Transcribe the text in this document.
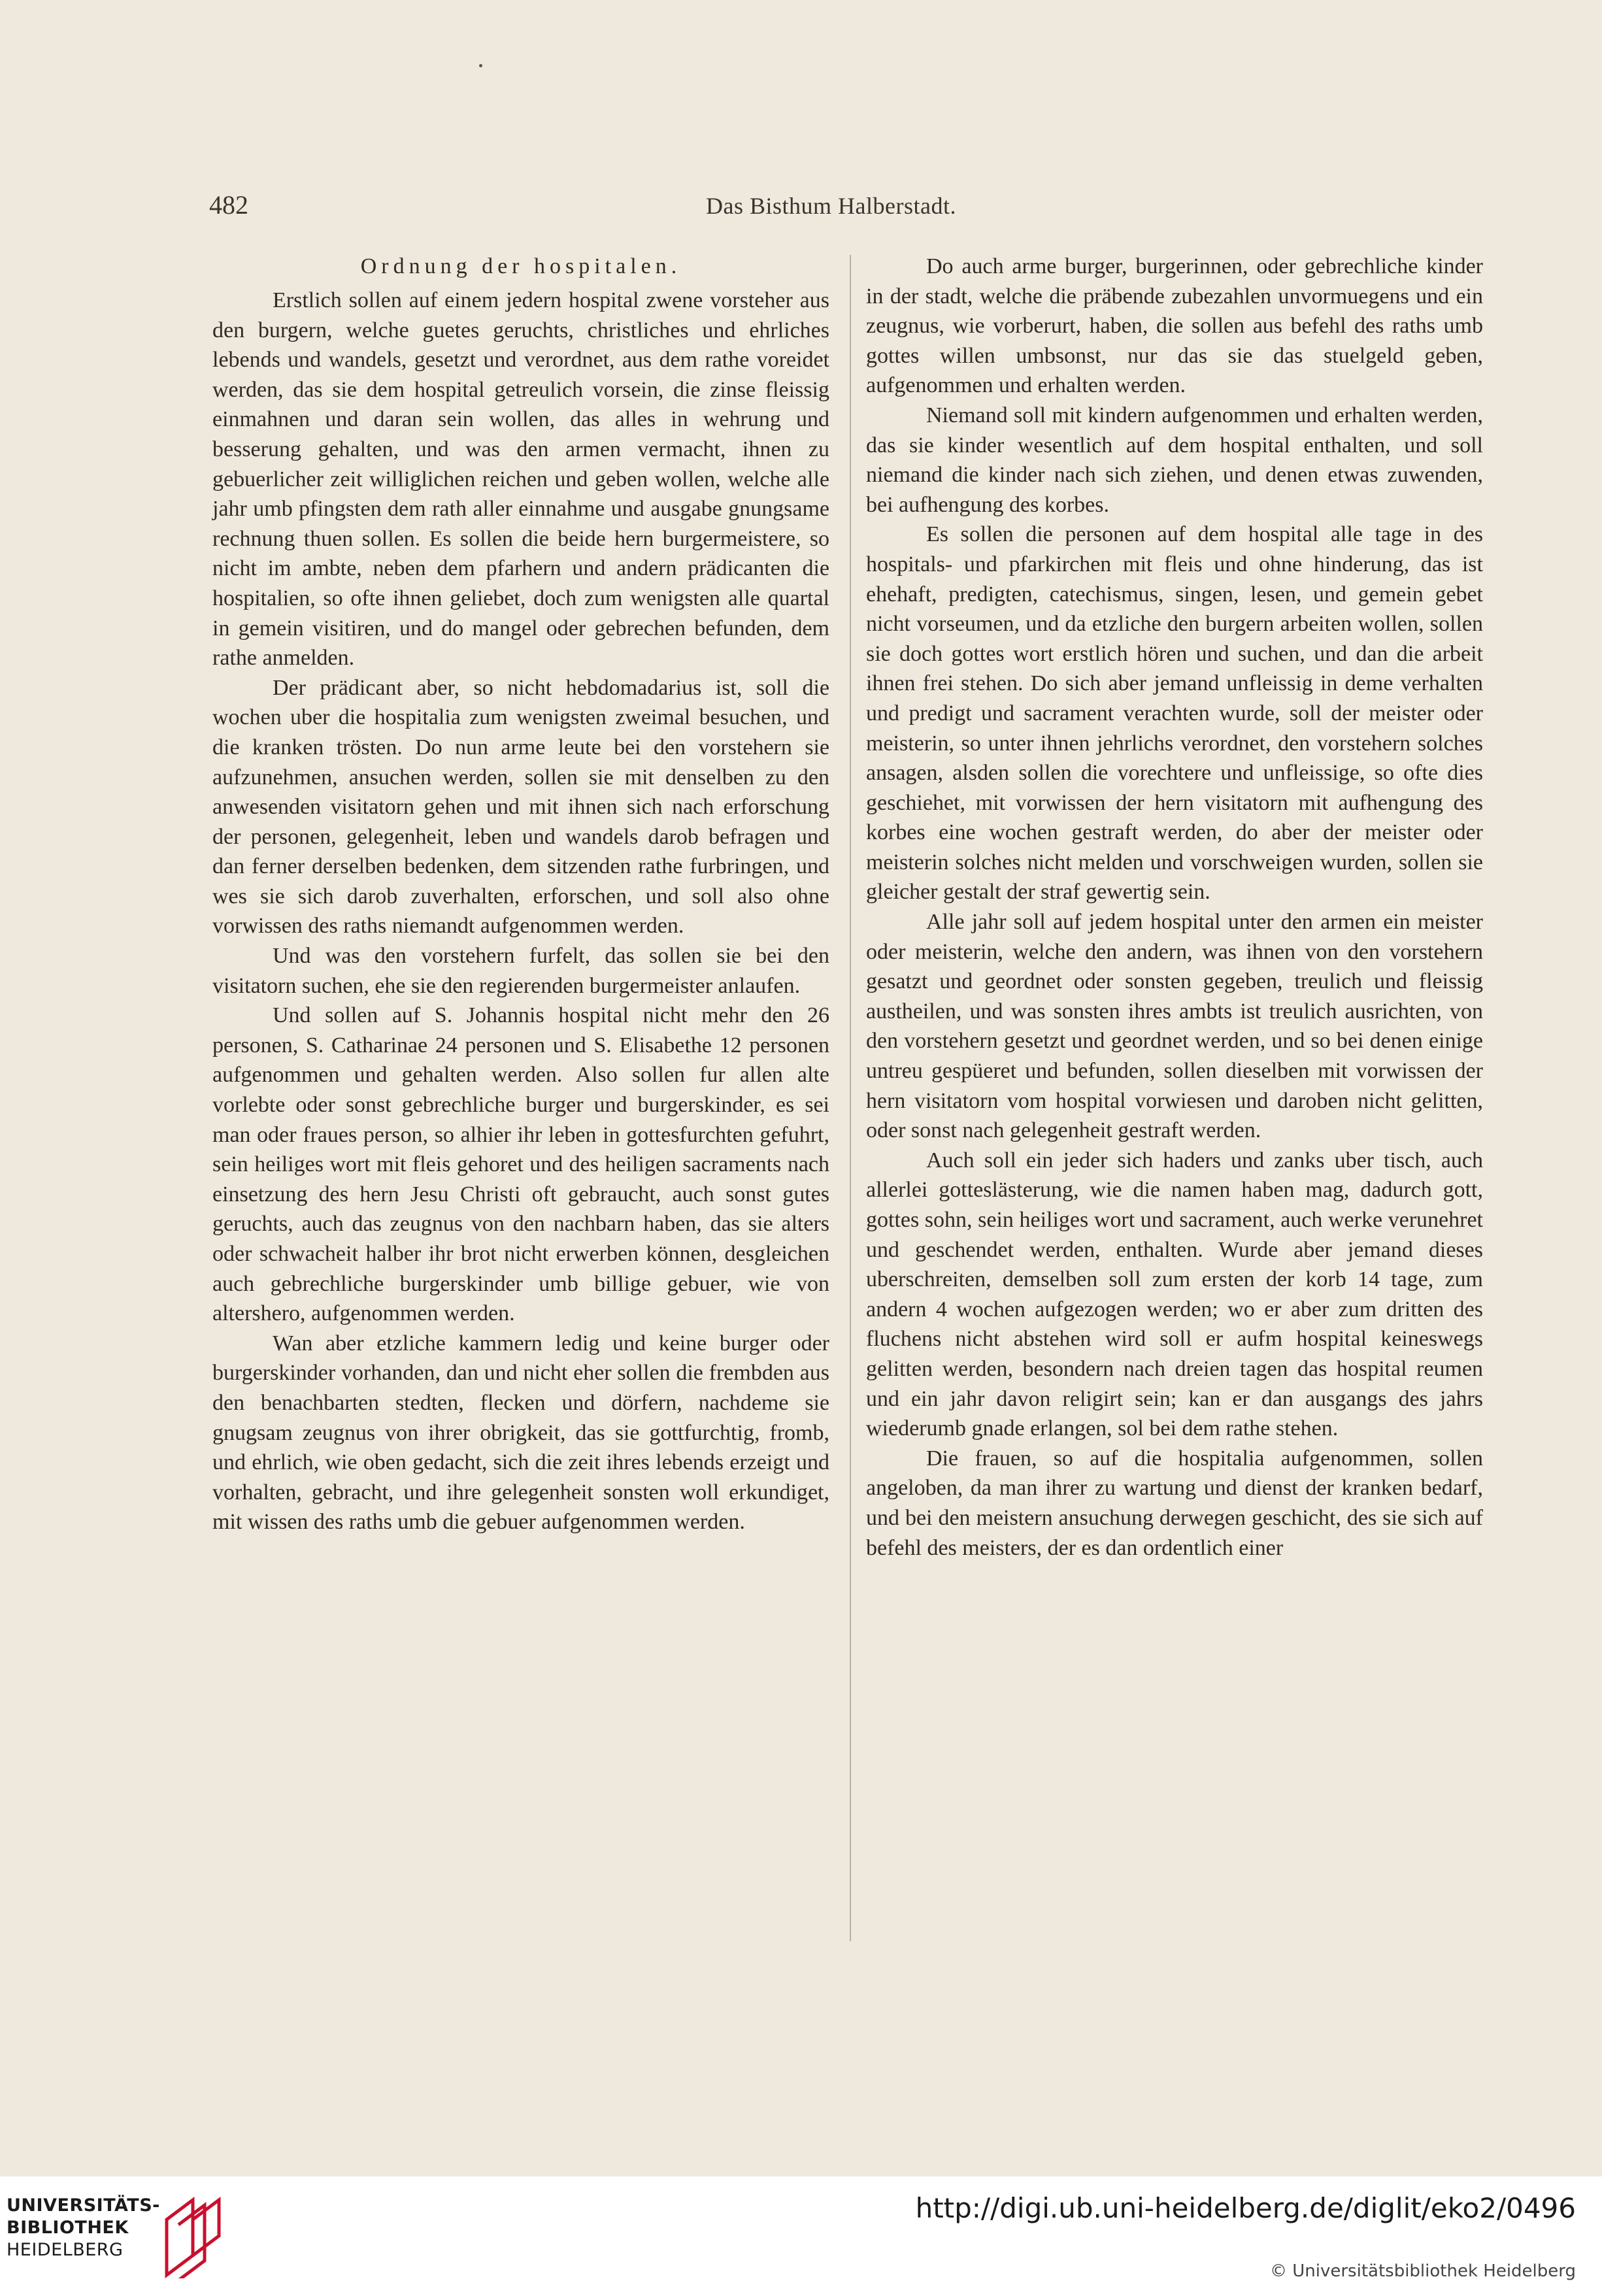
482	Das Bisthum Halberstadt.
Ordnung der hospitalen.

Erstlich sollen auf einem jedern hospital zwene vorsteher aus den burgern, welche guetes geruchts, christliches und ehrliches lebends und wandels, gesetzt und verordnet, aus dem rathe voreidet werden, das sie dem hospital getreulich vorsein, die zinse fleissig einmahnen und daran sein wollen, das alles in wehrung und besserung gehalten, und was den armen vermacht, ihnen zu gebuerlicher zeit williglichen reichen und geben wollen, welche alle jahr umb pfingsten dem rath aller einnahme und ausgabe gnungsame rechnung thuen sollen. Es sollen die beide hern burgermeistere, so nicht im ambte, neben dem pfarhern und andern prädicanten die hospitalien, so ofte ihnen geliebet, doch zum wenigsten alle quartal in gemein visitiren, und do mangel oder gebrechen befunden, dem rathe anmelden.

Der prädicant aber, so nicht hebdomadarius ist, soll die wochen uber die hospitalia zum wenigsten zweimal besuchen, und die kranken trösten. Do nun arme leute bei den vorstehern sie aufzunehmen, ansuchen werden, sollen sie mit denselben zu den anwesenden visitatorn gehen und mit ihnen sich nach erforschung der personen, gelegenheit, leben und wandels darob befragen und dan ferner derselben bedenken, dem sitzenden rathe furbringen, und wes sie sich darob zuverhalten, erforschen, und soll also ohne vorwissen des raths niemandt aufgenommen werden.

Und was den vorstehern furfelt, das sollen sie bei den visitatorn suchen, ehe sie den regierenden burgermeister anlaufen.

Und sollen auf S. Johannis hospital nicht mehr den 26 personen, S. Catharinae 24 personen und S. Elisabethe 12 personen aufgenommen und gehalten werden. Also sollen fur allen alte vorlebte oder sonst gebrechliche burger und burgerskinder, es sei man oder fraues person, so alhier ihr leben in gottesfurchten gefuhrt, sein heiliges wort mit fleis gehoret und des heiligen sacraments nach einsetzung des hern Jesu Christi oft gebraucht, auch sonst gutes geruchts, auch das zeugnus von den nachbarn haben, das sie alters oder schwacheit halber ihr brot nicht erwerben können, desgleichen auch gebrechliche burgerskinder umb billige gebuer, wie von altershero, aufgenommen werden.

Wan aber etzliche kammern ledig und keine burger oder burgerskinder vorhanden, dan und nicht eher sollen die frembden aus den benachbarten stedten, flecken und dörfern, nachdeme sie gnugsam zeugnus von ihrer obrigkeit, das sie gottfurchtig, fromb, und ehrlich, wie oben gedacht, sich die zeit ihres lebends erzeigt und vorhalten, gebracht, und ihre gelegenheit sonsten woll erkundiget, mit wissen des raths umb die gebuer aufgenommen werden.

Do auch arme burger, burgerinnen, oder gebrechliche kinder in der stadt, welche die präbende zubezahlen unvormuegens und ein zeugnus, wie vorberurt, haben, die sollen aus befehl des raths umb gottes willen umbsonst, nur das sie das stuelgeld geben, aufgenommen und erhalten werden.

Niemand soll mit kindern aufgenommen und erhalten werden, das sie kinder wesentlich auf dem hospital enthalten, und soll niemand die kinder nach sich ziehen, und denen etwas zuwenden, bei aufhengung des korbes.

Es sollen die personen auf dem hospital alle tage in des hospitals- und pfarkirchen mit fleis und ohne hinderung, das ist ehehaft, predigten, catechismus, singen, lesen, und gemein gebet nicht vorseumen, und da etzliche den burgern arbeiten wollen, sollen sie doch gottes wort erstlich hören und suchen, und dan die arbeit ihnen frei stehen. Do sich aber jemand unfleissig in deme verhalten und predigt und sacrament verachten wurde, soll der meister oder meisterin, so unter ihnen jehrlichs verordnet, den vorstehern solches ansagen, alsden sollen die vorechtere und unfleissige, so ofte dies geschiehet, mit vorwissen der hern visitatorn mit aufhengung des korbes eine wochen gestraft werden, do aber der meister oder meisterin solches nicht melden und vorschweigen wurden, sollen sie gleicher gestalt der straf gewertig sein.

Alle jahr soll auf jedem hospital unter den armen ein meister oder meisterin, welche den andern, was ihnen von den vorstehern gesatzt und geordnet oder sonsten gegeben, treulich und fleissig austheilen, und was sonsten ihres ambts ist treulich ausrichten, von den vorstehern gesetzt und geordnet werden, und so bei denen einige untreu gespüeret und befunden, sollen dieselben mit vorwissen der hern visitatorn vom hospital vorwiesen und daroben nicht gelitten, oder sonst nach gelegenheit gestraft werden.

Auch soll ein jeder sich haders und zanks uber tisch, auch allerlei gotteslästerung, wie die namen haben mag, dadurch gott, gottes sohn, sein heiliges wort und sacrament, auch werke verunehret und geschendet werden, enthalten. Wurde aber jemand dieses uberschreiten, demselben soll zum ersten der korb 14 tage, zum andern 4 wochen aufgezogen werden; wo er aber zum dritten des fluchens nicht abstehen wird soll er aufm hospital keineswegs gelitten werden, besondern nach dreien tagen das hospital reumen und ein jahr davon religirt sein; kan er dan ausgangs des jahrs wiederumb gnade erlangen, sol bei dem rathe stehen.

Die frauen, so auf die hospitalia aufgenommen, sollen angeloben, da man ihrer zu wartung und dienst der kranken bedarf, und bei den meistern ansuchung derwegen geschicht, des sie sich auf befehl des meisters, der es dan ordentlich einer

UNIVERSITÄTS-
BIBLIOTHEK
HEIDELBERG
http://digi.ub.uni-heidelberg.de/diglit/eko2/0496
© Universitätsbibliothek Heidelberg
